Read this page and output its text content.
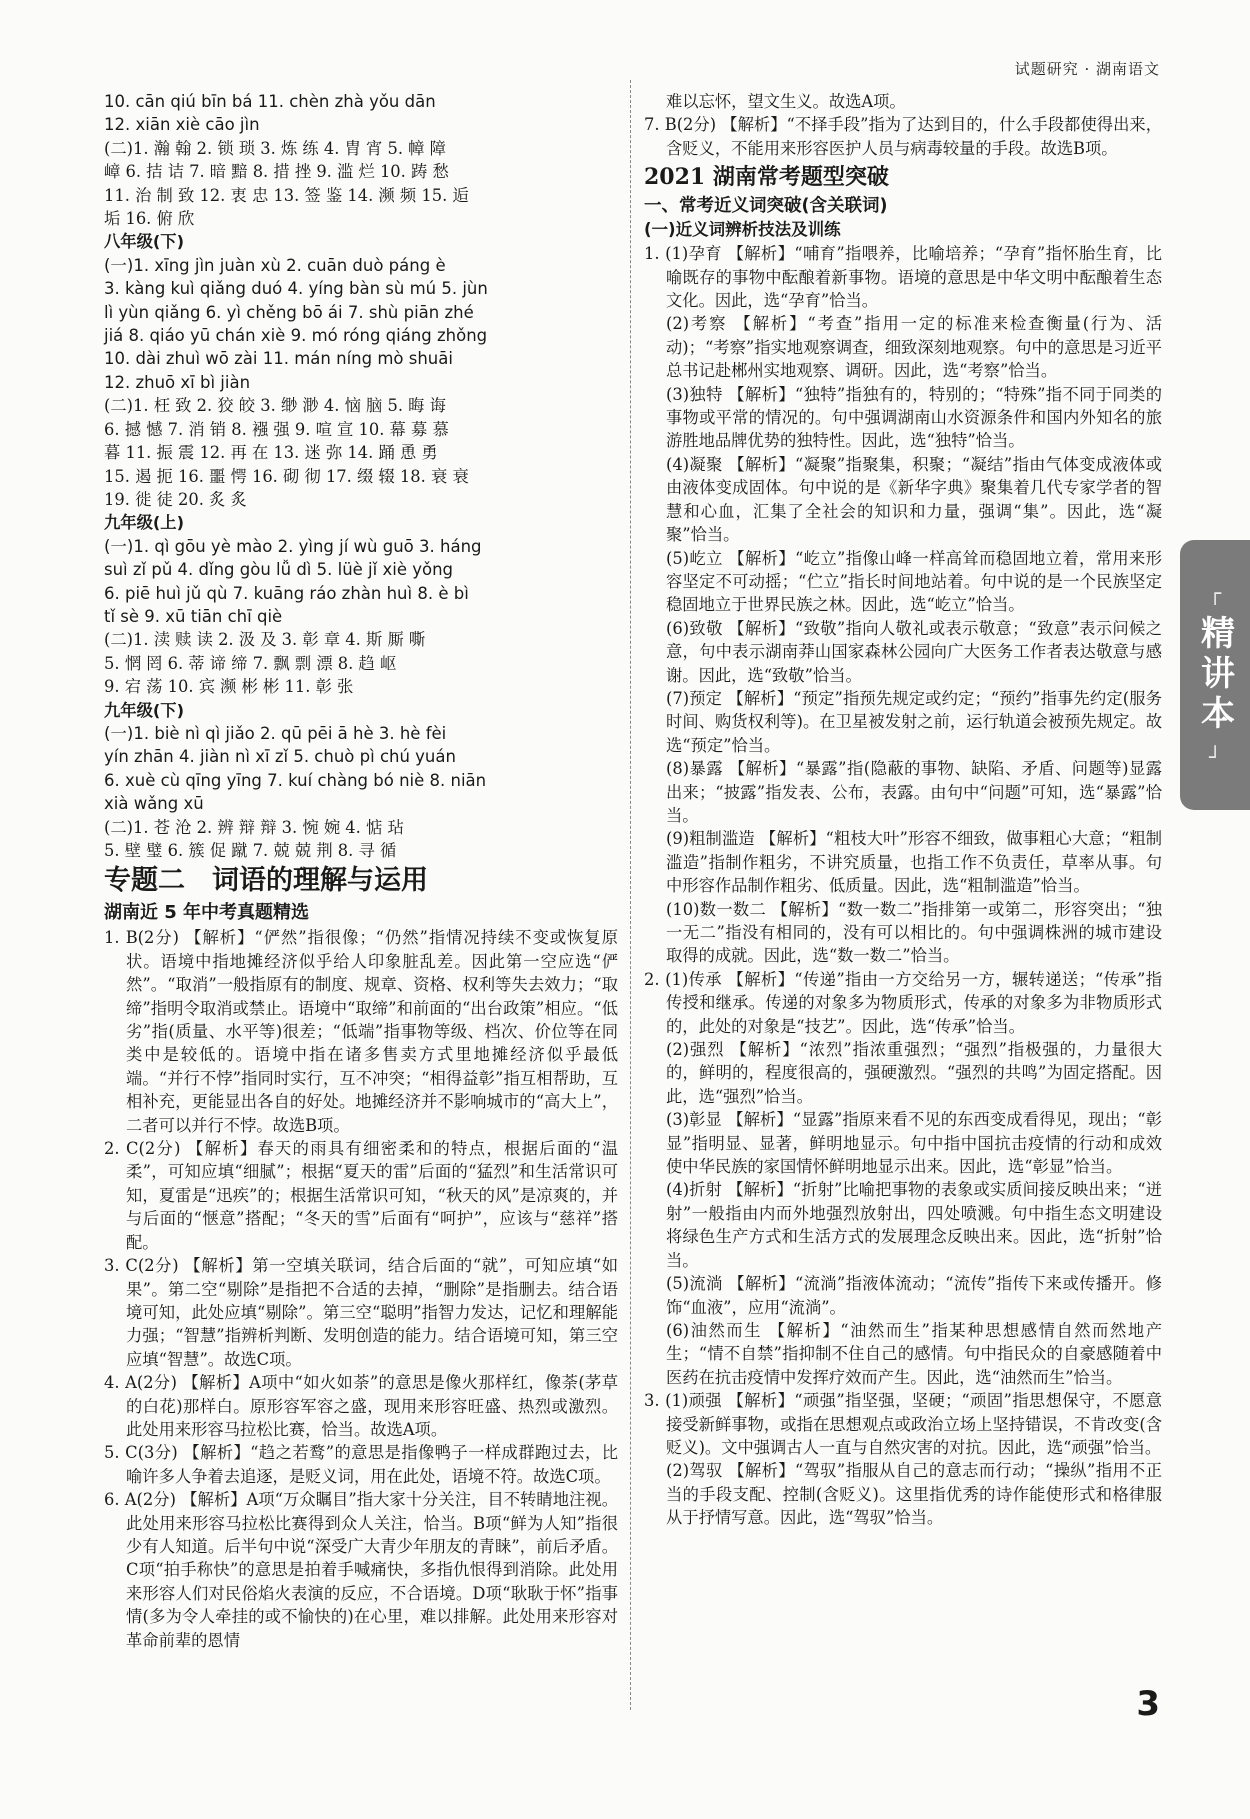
试题研究 · 湖南语文
┌
精讲本
┘

10. cān qiú bīn bá 11. chèn zhà yǒu dān

12. xiān xiè cāo jìn

(二)1. 瀚 翰 2. 锁 琐 3. 炼 练 4. 胄 宵 5. 幛 障

嶂 6. 拮 诘 7. 暗 黯 8. 措 挫 9. 滥 烂 10. 踌 愁

11. 治 制 致 12. 衷 忠 13. 签 鉴 14. 濒 频 15. 逅

垢 16. 俯 欣

八年级(下)

(一)1. xīng jìn juàn xù 2. cuān duò páng è

3. kàng kuì qiǎng duó 4. yíng bàn sù mú 5. jùn

lì yùn qiǎng 6. yì chěng bō ái 7. shù piān zhé

jiá 8. qiáo yū chán xiè 9. mó róng qiáng zhǒng

10. dài zhuì wō zài 11. mán níng mò shuāi

12. zhuō xī bì jiàn

(二)1. 枉 致 2. 狡 皎 3. 缈 渺 4. 恼 脑 5. 晦 诲

6. 撼 憾 7. 消 销 8. 襁 强 9. 喧 宣 10. 幕 募 慕

暮 11. 振 震 12. 再 在 13. 迷 弥 14. 踊 恿 勇

15. 遏 扼 16. 噩 愕 16. 砌 彻 17. 缀 辍 18. 衰 衰

19. 徙 徒 20. 炙 炙

九年级(上)

(一)1. qì gōu yè mào 2. yìng jí wù guō 3. háng

suì zǐ pǔ 4. dǐng gòu lǚ dì 5. lüè jǐ xiè yǒng

6. piē huì jǔ qù 7. kuāng ráo zhàn huì 8. è bì

tǐ sè 9. xū tiān chī qiè

(二)1. 渎 赎 读 2. 汲 及 3. 彰 章 4. 斯 厮 嘶

5. 惘 罔 6. 蒂 谛 缔 7. 飘 剽 漂 8. 趋 岖

9. 宕 荡 10. 宾 濒 彬 彬 11. 彰 张

九年级(下)

(一)1. biè nì qì jiǎo 2. qū pēi ā hè 3. hè fèi

yín zhān 4. jiàn nì xī zǐ 5. chuò pì chú yuán

6. xuè cù qīng yīng 7. kuí chàng bó niè 8. niān

xià wǎng xū

(二)1. 苍 沧 2. 辨 辩 辩 3. 惋 婉 4. 惦 玷

5. 壁 璧 6. 簇 促 蹴 7. 兢 兢 荆 8. 寻 循

专题二　词语的理解与运用

湖南近 5 年中考真题精选

1. B(2分) 【解析】“俨然”指很像；“仍然”指情况持续不变或恢复原状。语境中指地摊经济似乎给人印象脏乱差。因此第一空应选“俨然”。“取消”一般指原有的制度、规章、资格、权利等失去效力；“取缔”指明令取消或禁止。语境中“取缔”和前面的“出台政策”相应。“低劣”指(质量、水平等)很差；“低端”指事物等级、档次、价位等在同类中是较低的。语境中指在诸多售卖方式里地摊经济似乎最低端。“并行不悖”指同时实行，互不冲突；“相得益彰”指互相帮助，互相补充，更能显出各自的好处。地摊经济并不影响城市的“高大上”，二者可以并行不悖。故选B项。

2. C(2分) 【解析】春天的雨具有细密柔和的特点，根据后面的“温柔”，可知应填“细腻”；根据“夏天的雷”后面的“猛烈”和生活常识可知，夏雷是“迅疾”的；根据生活常识可知，“秋天的风”是凉爽的，并与后面的“惬意”搭配；“冬天的雪”后面有“呵护”，应该与“慈祥”搭配。

3. C(2分) 【解析】第一空填关联词，结合后面的“就”，可知应填“如果”。第二空“剔除”是指把不合适的去掉，“删除”是指删去。结合语境可知，此处应填“剔除”。第三空“聪明”指智力发达，记忆和理解能力强；“智慧”指辨析判断、发明创造的能力。结合语境可知，第三空应填“智慧”。故选C项。

4. A(2分) 【解析】A项中“如火如荼”的意思是像火那样红，像荼(茅草的白花)那样白。原形容军容之盛，现用来形容旺盛、热烈或激烈。此处用来形容马拉松比赛，恰当。故选A项。

5. C(3分) 【解析】“趋之若鹜”的意思是指像鸭子一样成群跑过去，比喻许多人争着去追逐，是贬义词，用在此处，语境不符。故选C项。

6. A(2分) 【解析】A项“万众瞩目”指大家十分关注，目不转睛地注视。此处用来形容马拉松比赛得到众人关注，恰当。B项“鲜为人知”指很少有人知道。后半句中说“深受广大青少年朋友的青睐”，前后矛盾。C项“拍手称快”的意思是拍着手喊痛快，多指仇恨得到消除。此处用来形容人们对民俗焰火表演的反应，不合语境。D项“耿耿于怀”指事情(多为令人牵挂的或不愉快的)在心里，难以排解。此处用来形容对革命前辈的恩情

难以忘怀，望文生义。故选A项。

7. B(2分) 【解析】“不择手段”指为了达到目的，什么手段都使得出来，含贬义，不能用来形容医护人员与病毒较量的手段。故选B项。

2021 湖南常考题型突破

一、常考近义词突破(含关联词)

(一)近义词辨析技法及训练

1. (1)孕育 【解析】“哺育”指喂养，比喻培养；“孕育”指怀胎生育，比喻既存的事物中酝酿着新事物。语境的意思是中华文明中酝酿着生态文化。因此，选“孕育”恰当。

(2)考察 【解析】“考查”指用一定的标准来检查衡量(行为、活动)；“考察”指实地观察调查，细致深刻地观察。句中的意思是习近平总书记赴郴州实地观察、调研。因此，选“考察”恰当。

(3)独特 【解析】“独特”指独有的，特别的；“特殊”指不同于同类的事物或平常的情况的。句中强调湖南山水资源条件和国内外知名的旅游胜地品牌优势的独特性。因此，选“独特”恰当。

(4)凝聚 【解析】“凝聚”指聚集，积聚；“凝结”指由气体变成液体或由液体变成固体。句中说的是《新华字典》聚集着几代专家学者的智慧和心血，汇集了全社会的知识和力量，强调“集”。因此，选“凝聚”恰当。

(5)屹立 【解析】“屹立”指像山峰一样高耸而稳固地立着，常用来形容坚定不可动摇；“伫立”指长时间地站着。句中说的是一个民族坚定稳固地立于世界民族之林。因此，选“屹立”恰当。

(6)致敬 【解析】“致敬”指向人敬礼或表示敬意；“致意”表示问候之意，句中表示湖南莽山国家森林公园向广大医务工作者表达敬意与感谢。因此，选“致敬”恰当。

(7)预定 【解析】“预定”指预先规定或约定；“预约”指事先约定(服务时间、购货权利等)。在卫星被发射之前，运行轨道会被预先规定。故选“预定”恰当。

(8)暴露 【解析】“暴露”指(隐蔽的事物、缺陷、矛盾、问题等)显露出来；“披露”指发表、公布，表露。由句中“问题”可知，选“暴露”恰当。

(9)粗制滥造 【解析】“粗枝大叶”形容不细致，做事粗心大意；“粗制滥造”指制作粗劣，不讲究质量，也指工作不负责任，草率从事。句中形容作品制作粗劣、低质量。因此，选“粗制滥造”恰当。

(10)数一数二 【解析】“数一数二”指排第一或第二，形容突出；“独一无二”指没有相同的，没有可以相比的。句中强调株洲的城市建设取得的成就。因此，选“数一数二”恰当。

2. (1)传承 【解析】“传递”指由一方交给另一方，辗转递送；“传承”指传授和继承。传递的对象多为物质形式，传承的对象多为非物质形式的，此处的对象是“技艺”。因此，选“传承”恰当。

(2)强烈 【解析】“浓烈”指浓重强烈；“强烈”指极强的，力量很大的，鲜明的，程度很高的，强硬激烈。“强烈的共鸣”为固定搭配。因此，选“强烈”恰当。

(3)彰显 【解析】“显露”指原来看不见的东西变成看得见，现出；“彰显”指明显、显著，鲜明地显示。句中指中国抗击疫情的行动和成效使中华民族的家国情怀鲜明地显示出来。因此，选“彰显”恰当。

(4)折射 【解析】“折射”比喻把事物的表象或实质间接反映出来；“迸射”一般指由内而外地强烈放射出，四处喷溅。句中指生态文明建设将绿色生产方式和生活方式的发展理念反映出来。因此，选“折射”恰当。

(5)流淌 【解析】“流淌”指液体流动；“流传”指传下来或传播开。修饰“血液”，应用“流淌”。

(6)油然而生 【解析】“油然而生”指某种思想感情自然而然地产生；“情不自禁”指抑制不住自己的感情。句中指民众的自豪感随着中医药在抗击疫情中发挥疗效而产生。因此，选“油然而生”恰当。

3. (1)顽强 【解析】“顽强”指坚强，坚硬；“顽固”指思想保守，不愿意接受新鲜事物，或指在思想观点或政治立场上坚持错误，不肯改变(含贬义)。文中强调古人一直与自然灾害的对抗。因此，选“顽强”恰当。

(2)驾驭 【解析】“驾驭”指服从自己的意志而行动；“操纵”指用不正当的手段支配、控制(含贬义)。这里指优秀的诗作能使形式和格律服从于抒情写意。因此，选“驾驭”恰当。

3
